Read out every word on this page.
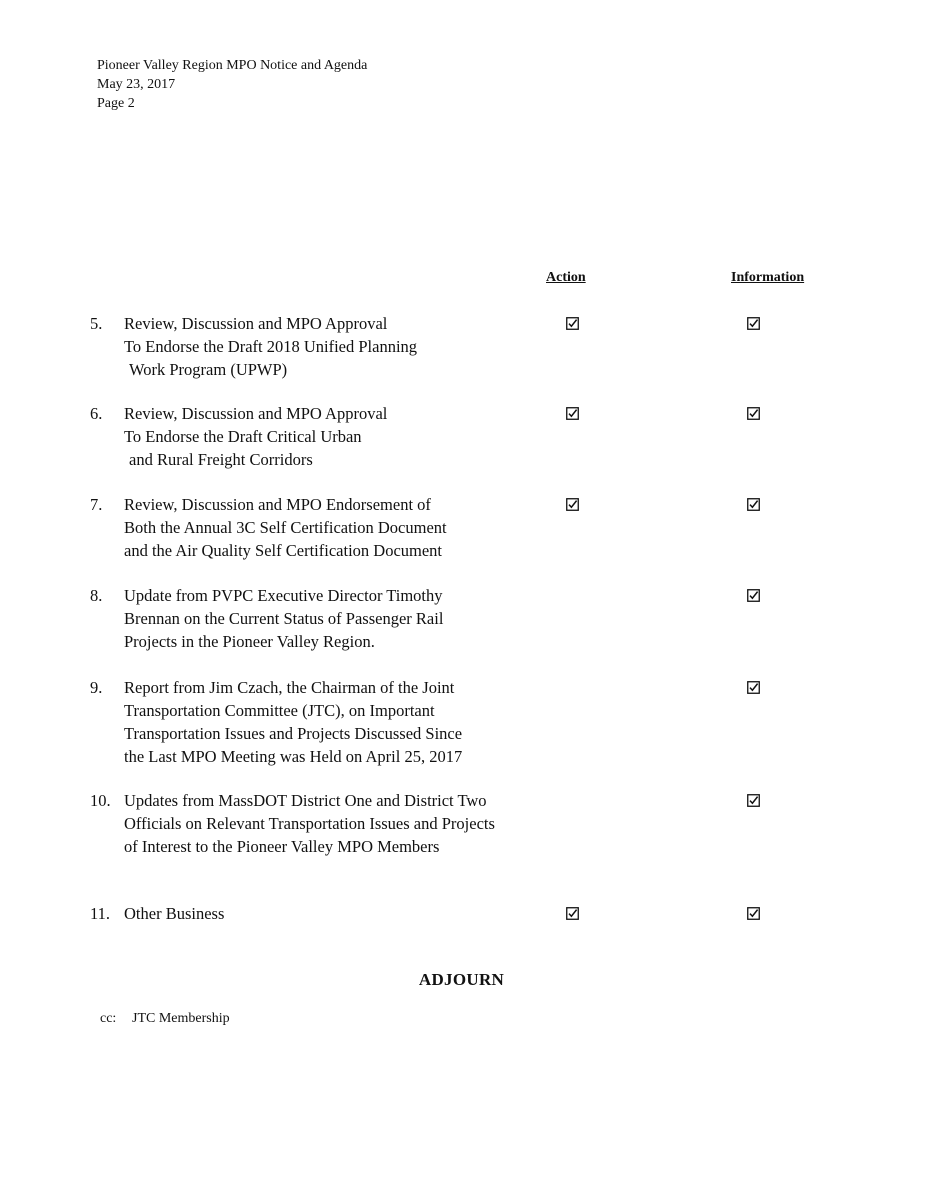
Pioneer Valley Region MPO Notice and Agenda
May 23, 2017
Page 2
Action	Information
5. Review, Discussion and MPO Approval
To Endorse the Draft 2018 Unified Planning
Work Program (UPWP)
6. Review, Discussion and MPO Approval
To Endorse the Draft Critical Urban
and Rural Freight Corridors
7. Review, Discussion and MPO Endorsement of
Both the Annual 3C Self Certification Document
and the Air Quality Self Certification Document
8. Update from PVPC Executive Director Timothy
Brennan on the Current Status of Passenger Rail
Projects in the Pioneer Valley Region.
9. Report from Jim Czach, the Chairman of the Joint
Transportation Committee (JTC), on Important
Transportation Issues and Projects Discussed Since
the Last MPO Meeting was Held on April 25, 2017
10. Updates from MassDOT District One and District Two
Officials on Relevant Transportation Issues and Projects
of Interest to the Pioneer Valley MPO Members
11. Other Business
ADJOURN
cc: JTC Membership
